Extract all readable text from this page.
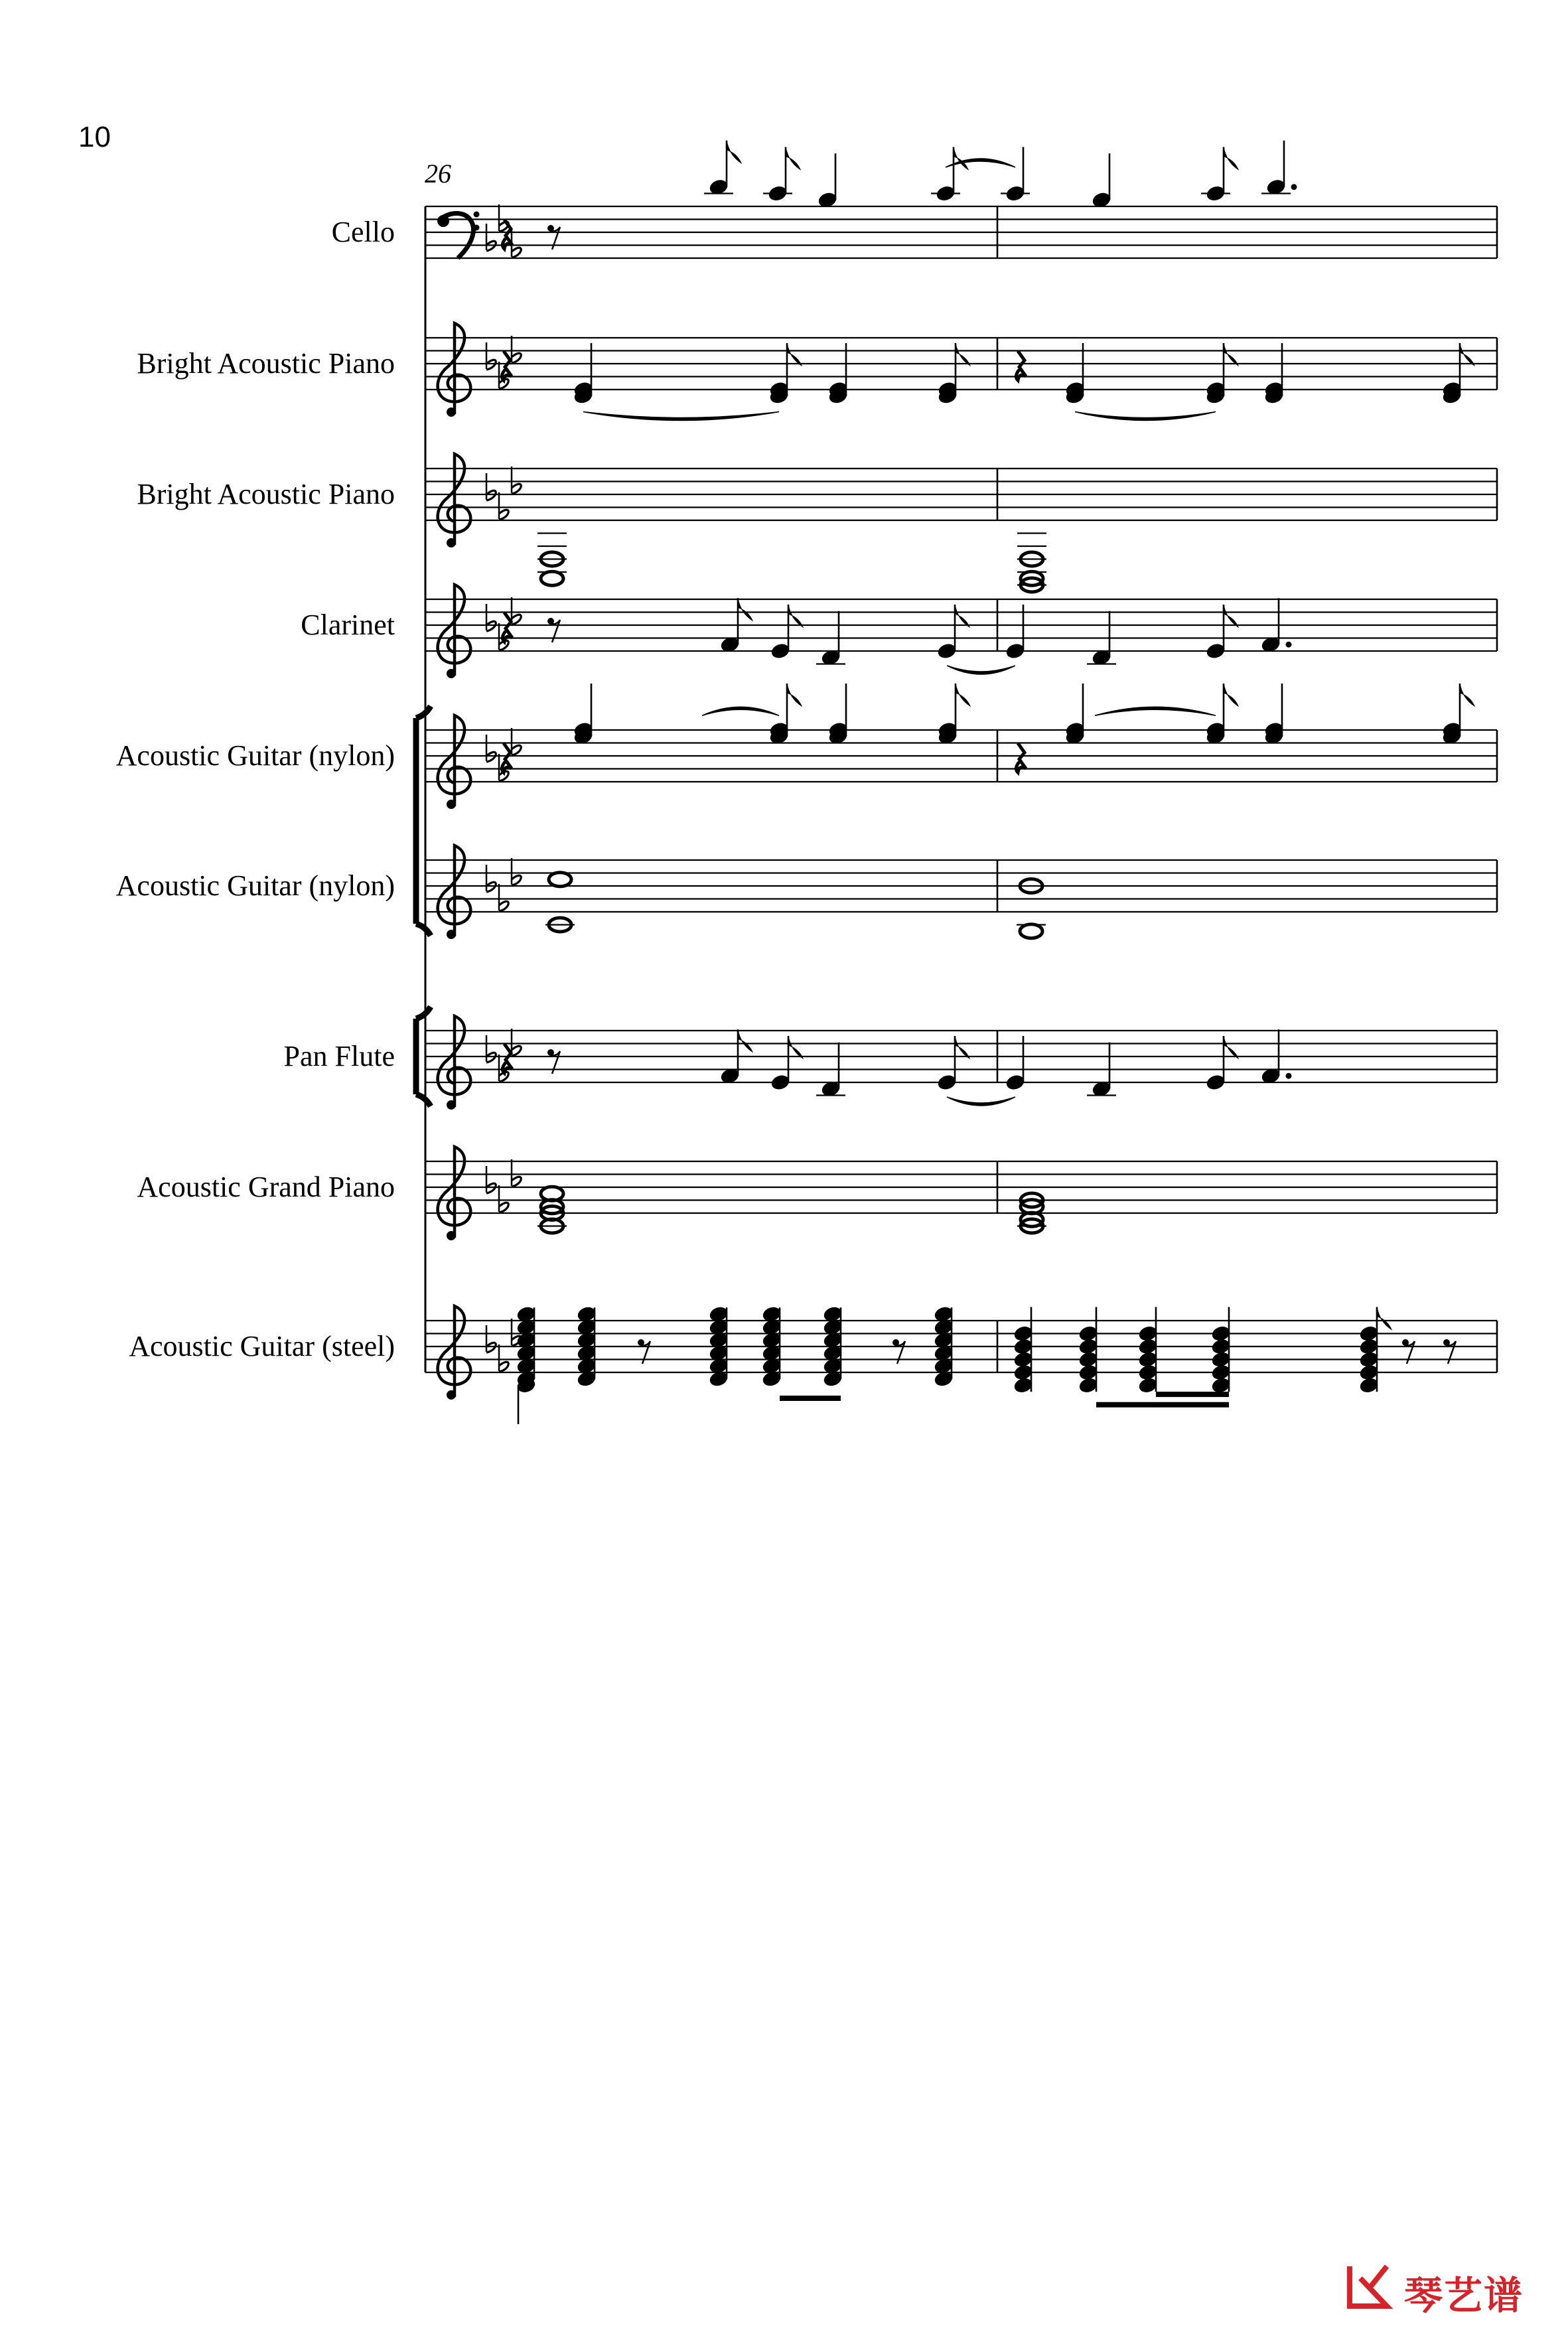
10
Cello
Bright Acoustic Piano
Bright Acoustic Piano
Clarinet
Acoustic Guitar (nylon)
Acoustic Guitar (nylon)
Pan Flute
Acoustic Grand Piano
Acoustic Guitar (steel)
26
琴艺谱
